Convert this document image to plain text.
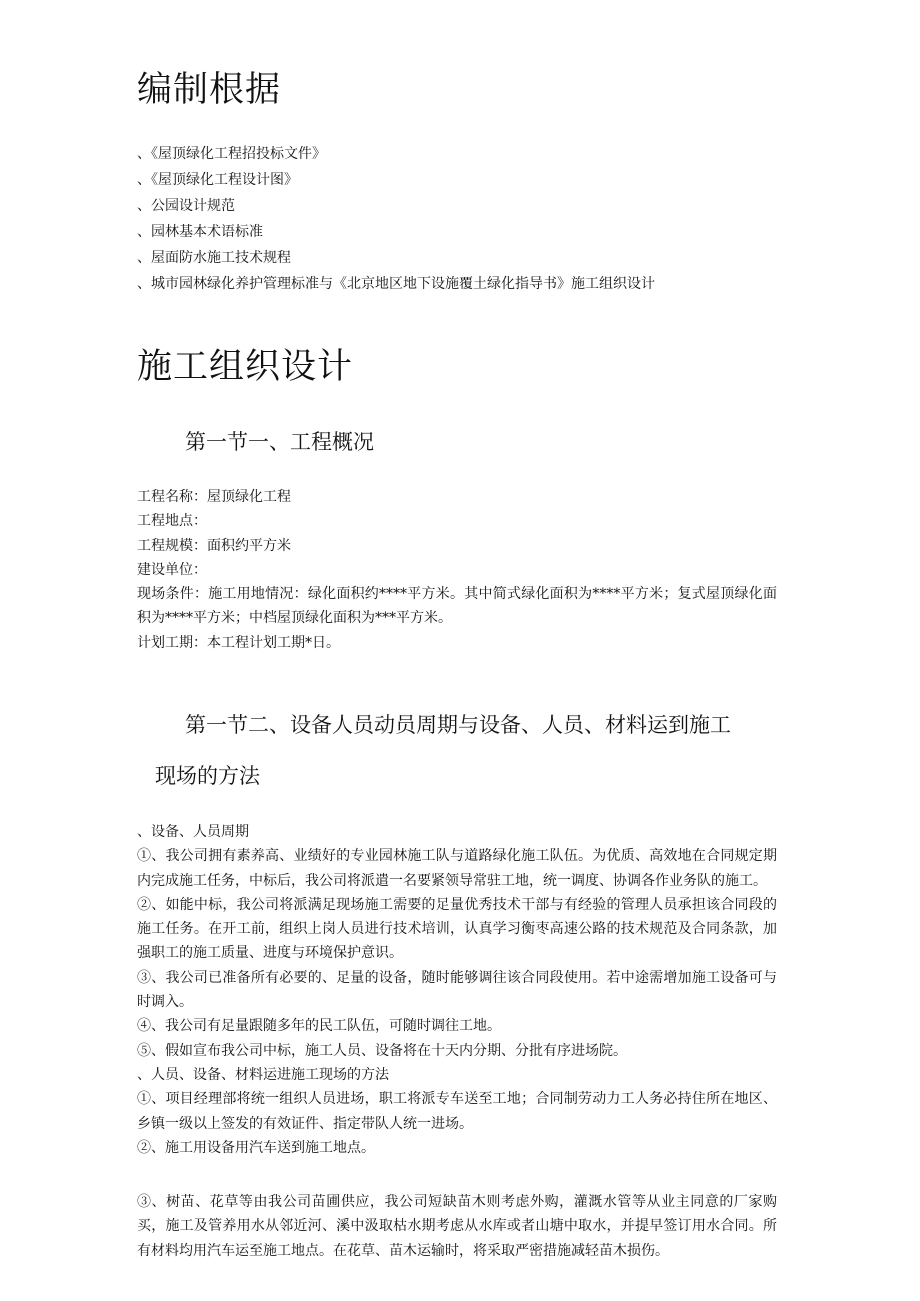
编制根据
、《屋顶绿化工程招投标文件》
、《屋顶绿化工程设计图》
、公园设计规范
、园林基本术语标准
、屋面防水施工技术规程
、城市园林绿化养护管理标准与《北京地区地下设施覆土绿化指导书》施工组织设计
施工组织设计
第一节一、工程概况

工程名称：屋顶绿化工程

工程地点：

工程规模：面积约平方米

建设单位：

现场条件：施工用地情况：绿化面积约****平方米。其中简式绿化面积为****平方米；复式屋顶绿化面积为****平方米；中档屋顶绿化面积为***平方米。

计划工期：本工程计划工期*日。

第一节二、设备人员动员周期与设备、人员、材料运到施工
现场的方法

、设备、人员周期

①、我公司拥有素养高、业绩好的专业园林施工队与道路绿化施工队伍。为优质、高效地在合同规定期内完成施工任务，中标后，我公司将派遣一名要紧领导常驻工地，统一调度、协调各作业务队的施工。

②、如能中标，我公司将派满足现场施工需要的足量优秀技术干部与有经验的管理人员承担该合同段的施工任务。在开工前，组织上岗人员进行技术培训，认真学习衡枣高速公路的技术规范及合同条款，加强职工的施工质量、进度与环境保护意识。

③、我公司已准备所有必要的、足量的设备，随时能够调往该合同段使用。若中途需增加施工设备可与时调入。

④、我公司有足量跟随多年的民工队伍，可随时调往工地。

⑤、假如宣布我公司中标，施工人员、设备将在十天内分期、分批有序进场院。

、人员、设备、材料运进施工现场的方法

①、项目经理部将统一组织人员进场，职工将派专车送至工地；合同制劳动力工人务必持住所在地区、乡镇一级以上签发的有效证件、指定带队人统一进场。

②、施工用设备用汽车送到施工地点。

③、树苗、花草等由我公司苗圃供应，我公司短缺苗木则考虑外购，灌溉水管等从业主同意的厂家购买，施工及管养用水从邻近河、溪中汲取枯水期考虑从水库或者山塘中取水，并提早签订用水合同。所有材料均用汽车运至施工地点。在花草、苗木运输时，将采取严密措施减轻苗木损伤。
